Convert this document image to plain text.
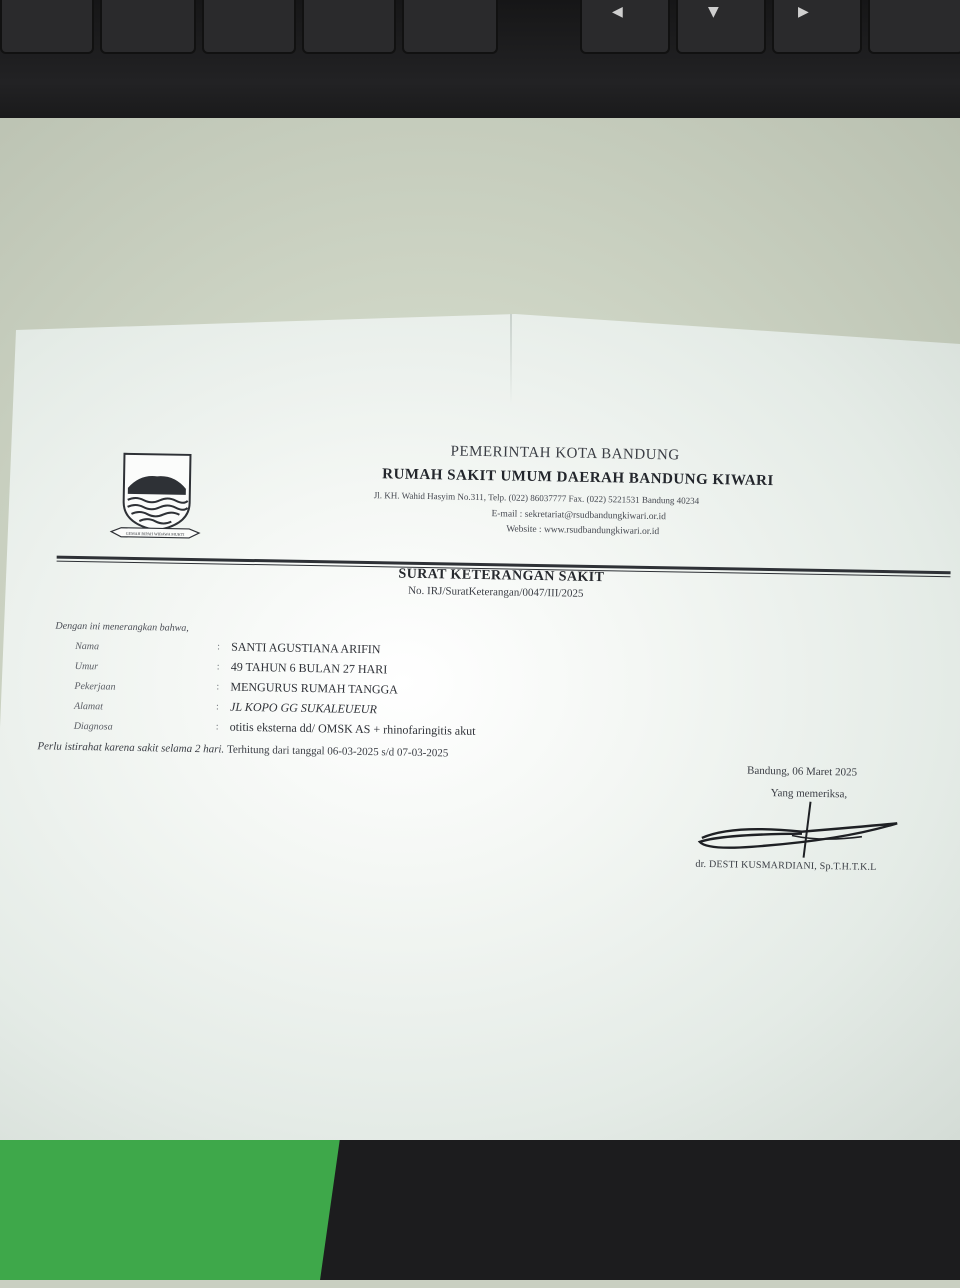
◀	▼	▶
GEMAH RIPAH WIBAWA MUKTI
PEMERINTAH KOTA BANDUNG
RUMAH SAKIT UMUM DAERAH BANDUNG KIWARI
Jl. KH. Wahid Hasyim No.311, Telp. (022) 86037777 Fax. (022) 5221531 Bandung 40234
E-mail : sekretariat@rsudbandungkiwari.or.id
Website : www.rsudbandungkiwari.or.id
SURAT KETERANGAN SAKIT
No. IRJ/SuratKeterangan/0047/III/2025
Dengan ini menerangkan bahwa,
Nama	: SANTI AGUSTIANA ARIFIN
Umur	: 49 TAHUN 6 BULAN 27 HARI
Pekerjaan	: MENGURUS RUMAH TANGGA
Alamat	: JL KOPO GG SUKALEUEUR
Diagnosa	: otitis eksterna dd/ OMSK AS + rhinofaringitis akut
Perlu istirahat karena sakit selama 2 hari. Terhitung dari tanggal 06-03-2025 s/d 07-03-2025
Bandung, 06 Maret 2025
Yang memeriksa,
dr. DESTI KUSMARDIANI, Sp.T.H.T.K.L
